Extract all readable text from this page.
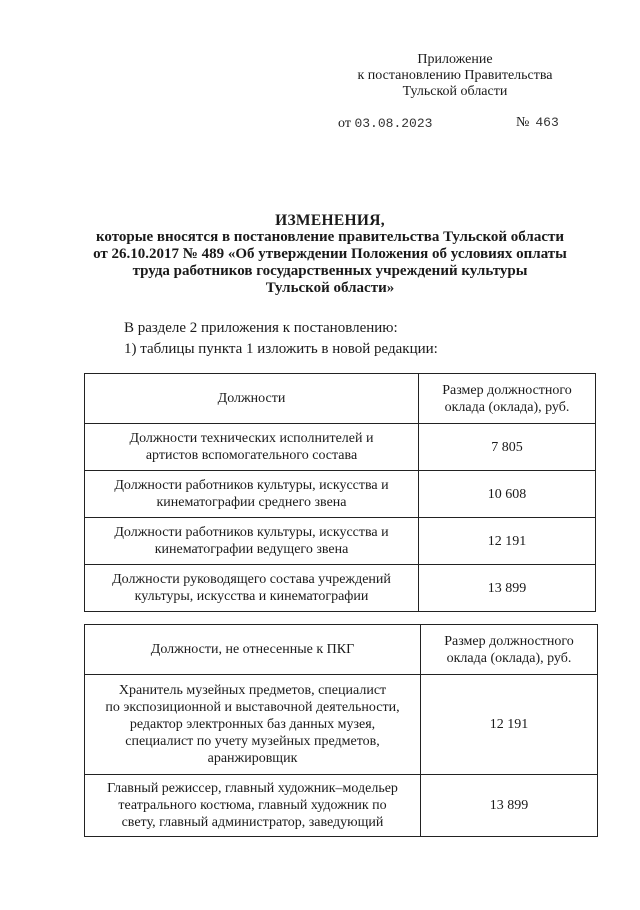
Приложение
к постановлению Правительства
Тульской области
от 03.08.2023	№ 463
ИЗМЕНЕНИЯ,
которые вносятся в постановление правительства Тульской области
от 26.10.2017 № 489 «Об утверждении Положения об условиях оплаты
труда работников государственных учреждений культуры
Тульской области»
В разделе 2 приложения к постановлению:
1) таблицы пункта 1 изложить в новой редакции:
Должности	Размер должностного
оклада (оклада), руб.

Должности технических исполнителей и
артистов вспомогательного состава	7 805

Должности работников культуры, искусства и
кинематографии среднего звена	10 608

Должности работников культуры, искусства и
кинематографии ведущего звена	12 191

Должности руководящего состава учреждений
культуры, искусства и кинематографии	13 899
Должности, не отнесенные к ПКГ	Размер должностного
оклада (оклада), руб.

Хранитель музейных предметов, специалист
по экспозиционной и выставочной деятельности,
редактор электронных баз данных музея,
специалист по учету музейных предметов,
аранжировщик	12 191

Главный режиссер, главный художник–модельер
театрального костюма, главный художник по
свету, главный администратор, заведующий	13 899
